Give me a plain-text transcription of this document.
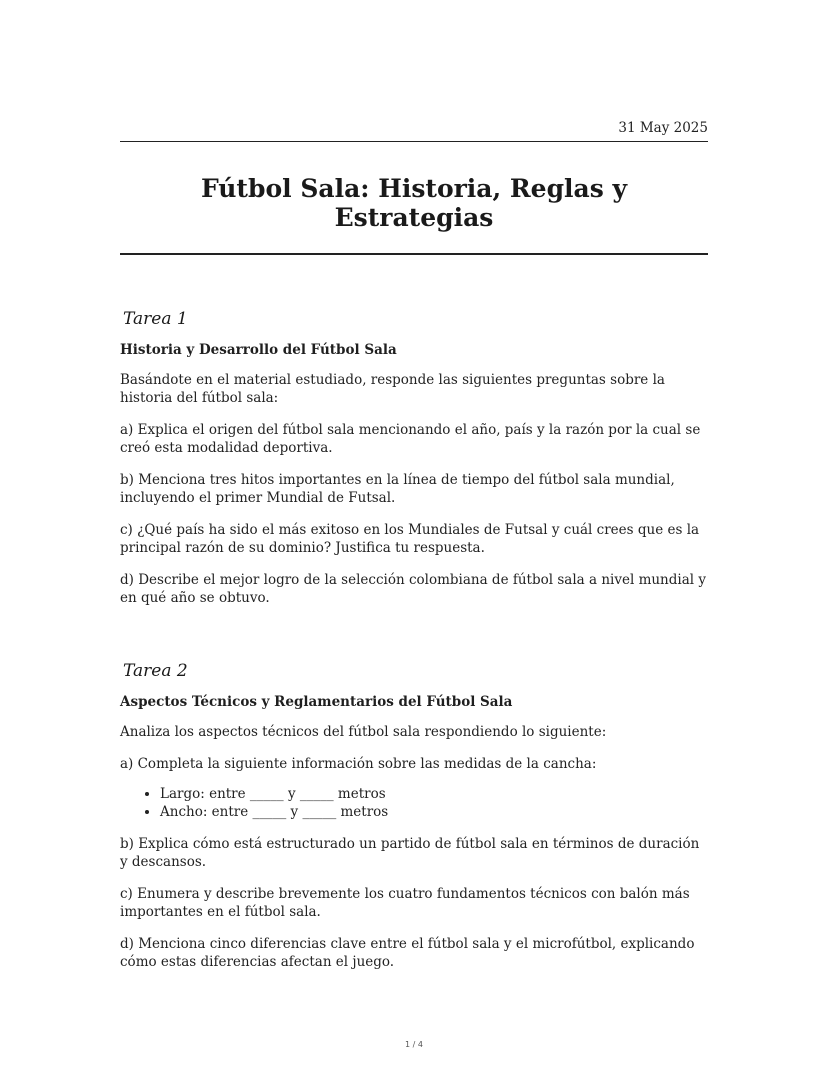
31 May 2025
Fútbol Sala: Historia, Reglas y Estrategias
Tarea 1
Historia y Desarrollo del Fútbol Sala

Basándote en el material estudiado, responde las siguientes preguntas sobre la historia del fútbol sala:

a) Explica el origen del fútbol sala mencionando el año, país y la razón por la cual se creó esta modalidad deportiva.

b) Menciona tres hitos importantes en la línea de tiempo del fútbol sala mundial, incluyendo el primer Mundial de Futsal.

c) ¿Qué país ha sido el más exitoso en los Mundiales de Futsal y cuál crees que es la principal razón de su dominio? Justifica tu respuesta.

d) Describe el mejor logro de la selección colombiana de fútbol sala a nivel mundial y en qué año se obtuvo.

Tarea 2
Aspectos Técnicos y Reglamentarios del Fútbol Sala

Analiza los aspectos técnicos del fútbol sala respondiendo lo siguiente:

a) Completa la siguiente información sobre las medidas de la cancha:

• Largo: entre _____ y _____ metros
• Ancho: entre _____ y _____ metros

b) Explica cómo está estructurado un partido de fútbol sala en términos de duración y descansos.

c) Enumera y describe brevemente los cuatro fundamentos técnicos con balón más importantes en el fútbol sala.

d) Menciona cinco diferencias clave entre el fútbol sala y el microfútbol, explicando cómo estas diferencias afectan el juego.

1 / 4
